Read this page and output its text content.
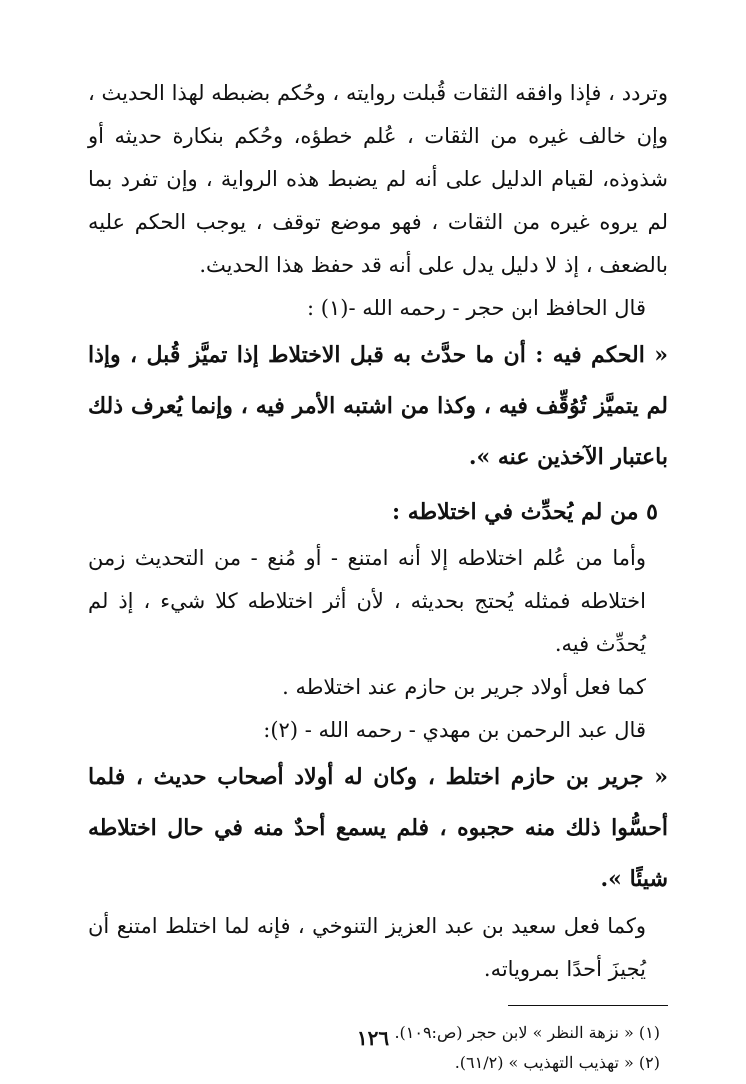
وتردد ، فإذا وافقه الثقات قُبلت روايته ، وحُكم بضبطه لهذا الحديث ، وإن خالف غيره من الثقات ، عُلم خطؤه، وحُكم بنكارة حديثه أو شذوذه، لقيام الدليل على أنه لم يضبط هذه الرواية ، وإن تفرد بما لم يروه غيره من الثقات ، فهو موضع توقف ، يوجب الحكم عليه بالضعف ، إذ لا دليل يدل على أنه قد حفظ هذا الحديث.

قال الحافظ ابن حجر - رحمه الله -(١) :

« الحكم فيه : أن ما حدَّث به قبل الاختلاط إذا تميَّز قُبل ، وإذا لم يتميَّز تُوُقِّف فيه ، وكذا من اشتبه الأمر فيه ، وإنما يُعرف ذلك باعتبار الآخذين عنه ».

٥ من لم يُحدِّث في اختلاطه :

وأما من عُلم اختلاطه إلا أنه امتنع - أو مُنع - من التحديث زمن اختلاطه فمثله يُحتج بحديثه ، لأن أثر اختلاطه كلا شيء ، إذ لم يُحدِّث فيه.

كما فعل أولاد جرير بن حازم عند اختلاطه .

قال عبد الرحمن بن مهدي - رحمه الله - (٢):

« جرير بن حازم اختلط ، وكان له أولاد أصحاب حديث ، فلما أحسُّوا ذلك منه حجبوه ، فلم يسمع أحدٌ منه في حال اختلاطه شيئًا ».

وكما فعل سعيد بن عبد العزيز التنوخي ، فإنه لما اختلط امتنع أن يُجيزَ أحدًا بمروياته.

(١) « نزهة النظر » لابن حجر (ص:١٠٩).

(٢) « تهذيب التهذيب » (٦١/٢).

١٢٦
